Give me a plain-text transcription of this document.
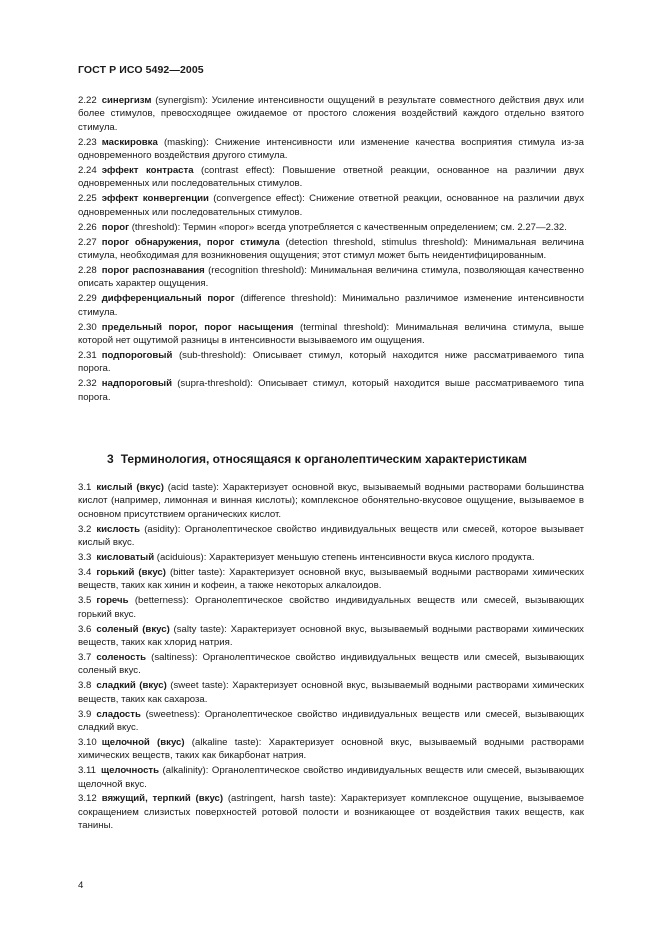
ГОСТ Р ИСО 5492—2005

2.22 синергизм (synergism): Усиление интенсивности ощущений в результате совместного действия двух или более стимулов, превосходящее ожидаемое от простого сложения воздействий каждого отдельно взятого стимула.

2.23 маскировка (masking): Снижение интенсивности или изменение качества восприятия стимула из-за одновременного воздействия другого стимула.

2.24 эффект контраста (contrast effect): Повышение ответной реакции, основанное на различии двух одновременных или последовательных стимулов.

2.25 эффект конвергенции (convergence effect): Снижение ответной реакции, основанное на различии двух одновременных или последовательных стимулов.

2.26 порог (threshold): Термин «порог» всегда употребляется с качественным определением; см. 2.27—2.32.

2.27 порог обнаружения, порог стимула (detection threshold, stimulus threshold): Минимальная величина стимула, необходимая для возникновения ощущения; этот стимул может быть неидентифицированным.

2.28 порог распознавания (recognition threshold): Минимальная величина стимула, позволяющая качественно описать характер ощущения.

2.29 дифференциальный порог (difference threshold): Минимально различимое изменение интенсивности стимула.

2.30 предельный порог, порог насыщения (terminal threshold): Минимальная величина стимула, выше которой нет ощутимой разницы в интенсивности вызываемого им ощущения.

2.31 подпороговый (sub-threshold): Описывает стимул, который находится ниже рассматриваемого типа порога.

2.32 надпороговый (supra-threshold): Описывает стимул, который находится выше рассматриваемого типа порога.

3 Терминология, относящаяся к органолептическим характеристикам

3.1 кислый (вкус) (acid taste): Характеризует основной вкус, вызываемый водными растворами большинства кислот (например, лимонная и винная кислоты); комплексное обонятельно-вкусовое ощущение, вызываемое в основном присутствием органических кислот.

3.2 кислость (asidity): Органолептическое свойство индивидуальных веществ или смесей, которое вызывает кислый вкус.

3.3 кисловатый (aciduious): Характеризует меньшую степень интенсивности вкуса кислого продукта.

3.4 горький (вкус) (bitter taste): Характеризует основной вкус, вызываемый водными растворами химических веществ, таких как хинин и кофеин, а также некоторых алкалоидов.

3.5 горечь (betterness): Органолептическое свойство индивидуальных веществ или смесей, вызывающих горький вкус.

3.6 соленый (вкус) (salty taste): Характеризует основной вкус, вызываемый водными растворами химических веществ, таких как хлорид натрия.

3.7 соленость (saltiness): Органолептическое свойство индивидуальных веществ или смесей, вызывающих соленый вкус.

3.8 сладкий (вкус) (sweet taste): Характеризует основной вкус, вызываемый водными растворами химических веществ, таких как сахароза.

3.9 сладость (sweetness): Органолептическое свойство индивидуальных веществ или смесей, вызывающих сладкий вкус.

3.10 щелочной (вкус) (alkaline taste): Характеризует основной вкус, вызываемый водными растворами химических веществ, таких как бикарбонат натрия.

3.11 щелочность (alkalinity): Органолептическое свойство индивидуальных веществ или смесей, вызывающих щелочной вкус.

3.12 вяжущий, терпкий (вкус) (astringent, harsh taste): Характеризует комплексное ощущение, вызываемое сокращением слизистых поверхностей ротовой полости и возникающее от воздействия таких веществ, как танины.

4
